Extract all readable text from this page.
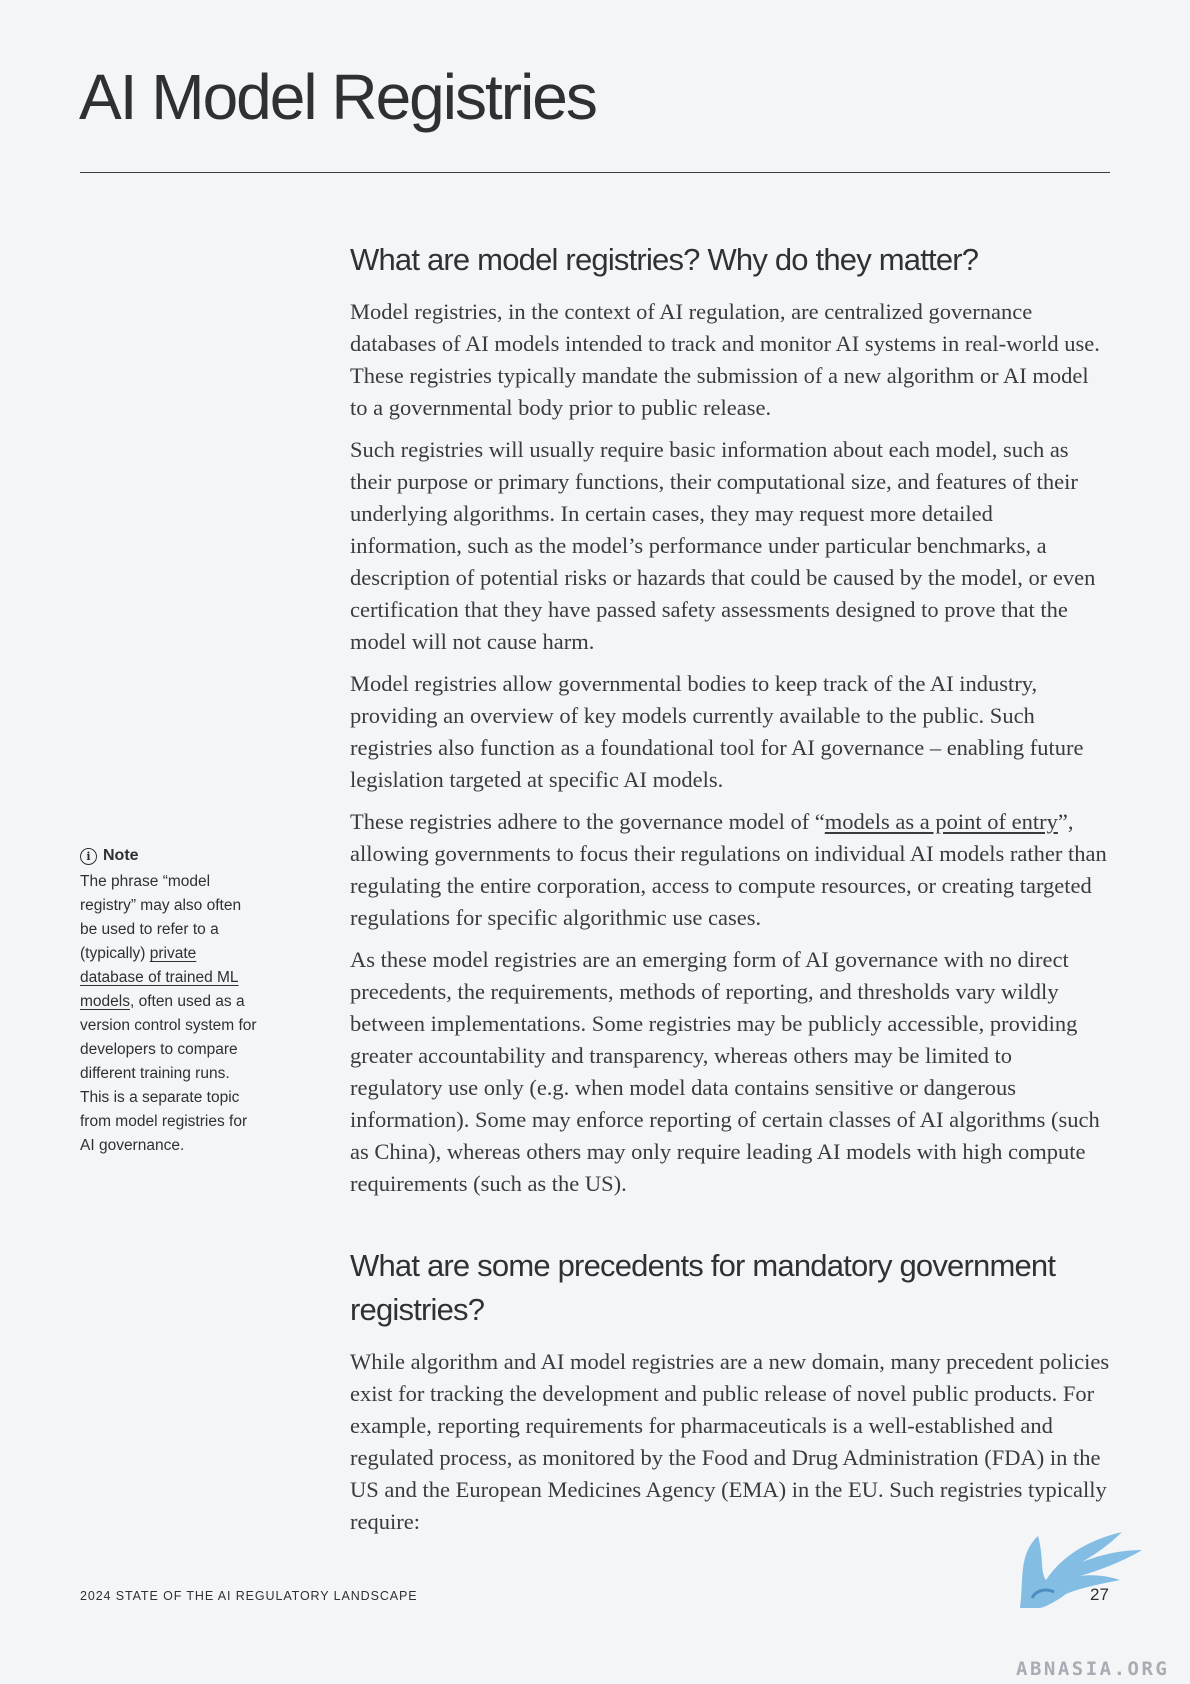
AI Model Registries
i Note
The phrase “model registry” may also often be used to refer to a (typically) private database of trained ML models, often used as a version control system for developers to compare different training runs. This is a separate topic from model registries for AI governance.
What are model registries? Why do they matter?

Model registries, in the context of AI regulation, are centralized governance databases of AI models intended to track and monitor AI systems in real-world use. These registries typically mandate the submission of a new algorithm or AI model to a governmental body prior to public release.

Such registries will usually require basic information about each model, such as their purpose or primary functions, their computational size, and features of their underlying algorithms. In certain cases, they may request more detailed information, such as the model’s performance under particular benchmarks, a description of potential risks or hazards that could be caused by the model, or even certification that they have passed safety assessments designed to prove that the model will not cause harm.

Model registries allow governmental bodies to keep track of the AI industry, providing an overview of key models currently available to the public. Such registries also function as a foundational tool for AI governance – enabling future legislation targeted at specific AI models.

These registries adhere to the governance model of “models as a point of entry”, allowing governments to focus their regulations on individual AI models rather than regulating the entire corporation, access to compute resources, or creating targeted regulations for specific algorithmic use cases.

As these model registries are an emerging form of AI governance with no direct precedents, the requirements, methods of reporting, and thresholds vary wildly between implementations. Some registries may be publicly accessible, providing greater accountability and transparency, whereas others may be limited to regulatory use only (e.g. when model data contains sensitive or dangerous information). Some may enforce reporting of certain classes of AI algorithms (such as China), whereas others may only require leading AI models with high compute requirements (such as the US).

What are some precedents for mandatory government registries?

While algorithm and AI model registries are a new domain, many precedent policies exist for tracking the development and public release of novel public products. For example, reporting requirements for pharmaceuticals is a well-established and regulated process, as monitored by the Food and Drug Administration (FDA) in the US and the European Medicines Agency (EMA) in the EU. Such registries typically require:

2024 STATE OF THE AI REGULATORY LANDSCAPE	27
ABNASIA.ORG
